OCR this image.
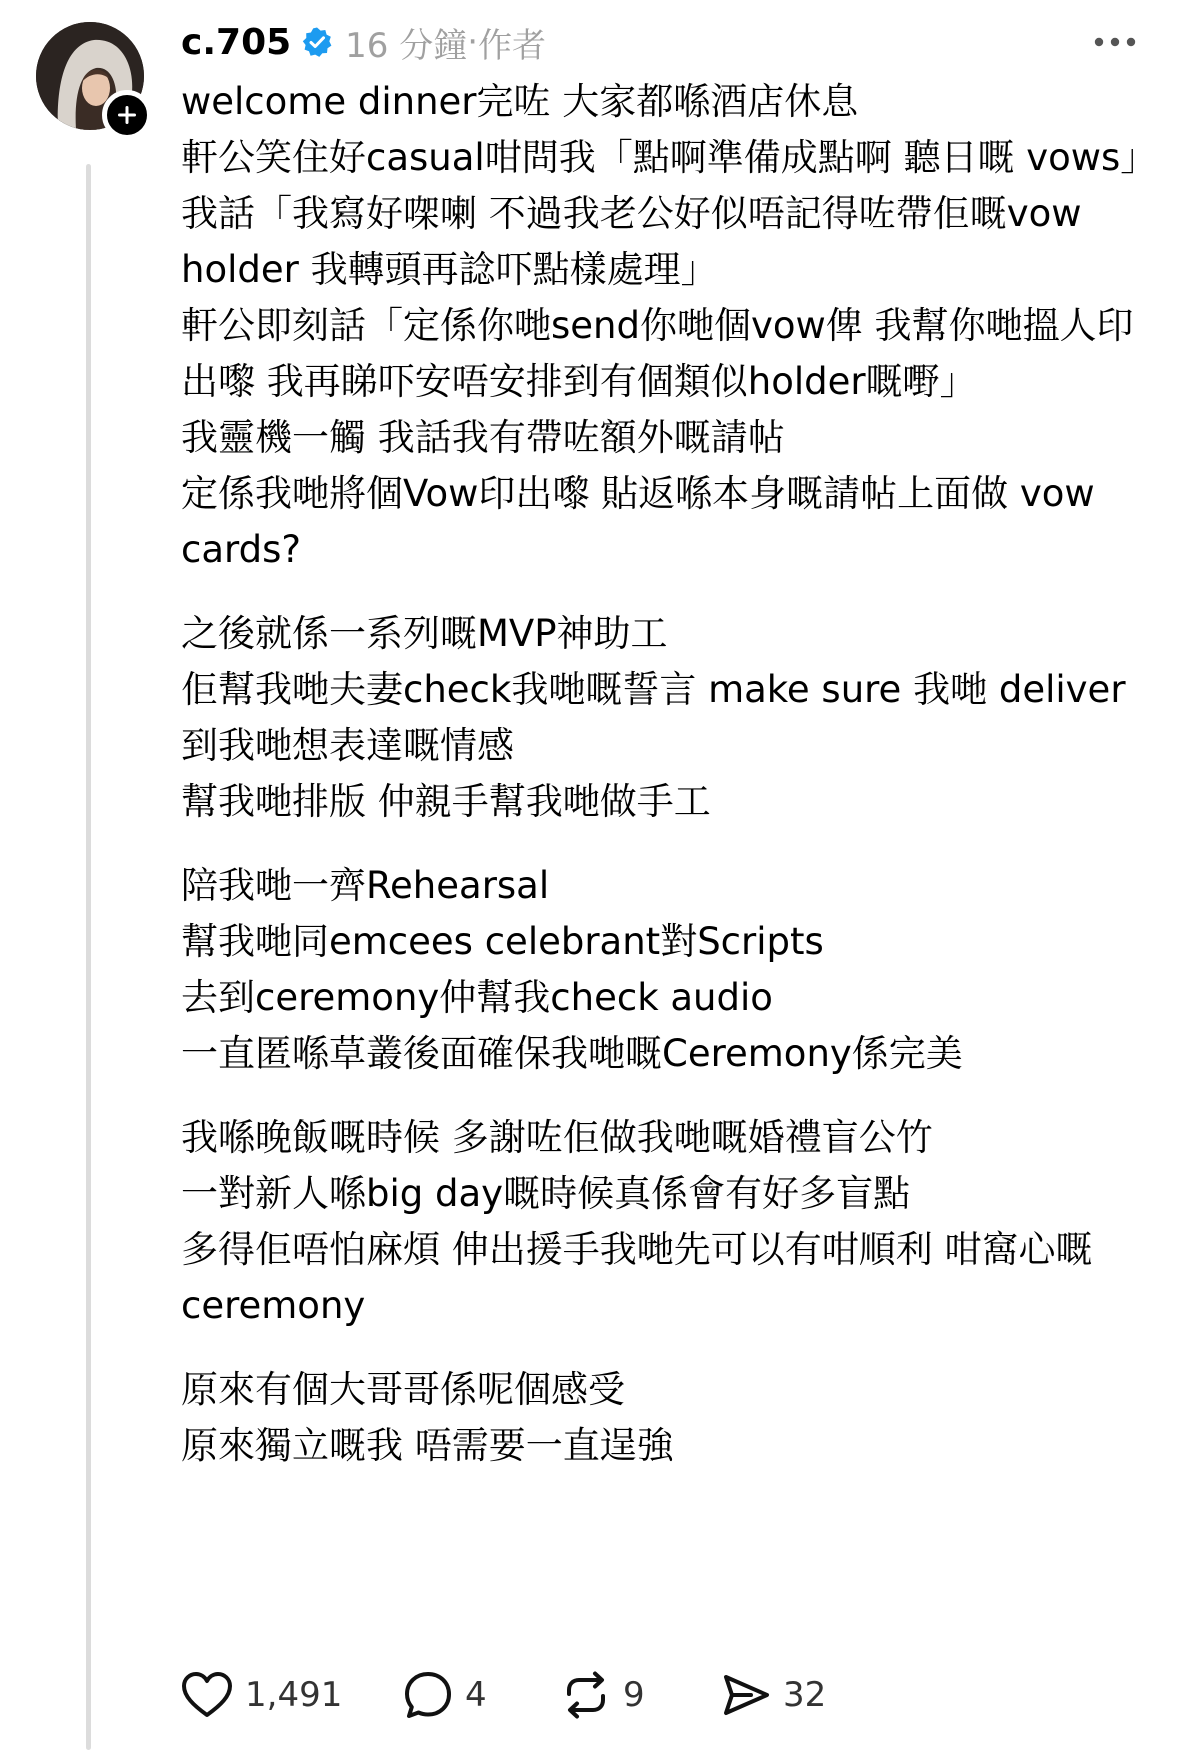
c.705 16 分鐘 · 作者

welcome dinner完咗 大家都喺酒店休息

軒公笑住好casual咁問我「點啊準備成點啊 聽日嘅 vows」

我話「我寫好㗎喇 不過我老公好似唔記得咗帶佢嘅vow holder 我轉頭再諗吓點樣處理」

軒公即刻話「定係你哋send你哋個vow俾 我幫你哋搵人印出嚟 我再睇吓安唔安排到有個類似holder嘅嘢」

我靈機一觸 我話我有帶咗額外嘅請帖

定係我哋將個Vow印出嚟 貼返喺本身嘅請帖上面做 vow cards?

之後就係一系列嘅MVP神助工

佢幫我哋夫妻check我哋嘅誓言 make sure 我哋 deliver到我哋想表達嘅情感

幫我哋排版 仲親手幫我哋做手工

陪我哋一齊Rehearsal

幫我哋同emcees celebrant對Scripts

去到ceremony仲幫我check audio

一直匿喺草叢後面確保我哋嘅Ceremony係完美

我喺晚飯嘅時候 多謝咗佢做我哋嘅婚禮盲公竹

一對新人喺big day嘅時候真係會有好多盲點

多得佢唔怕麻煩 伸出援手我哋先可以有咁順利 咁窩心嘅ceremony

原來有個大哥哥係呢個感受

原來獨立嘅我 唔需要一直逞強

1,491	4	9	32
